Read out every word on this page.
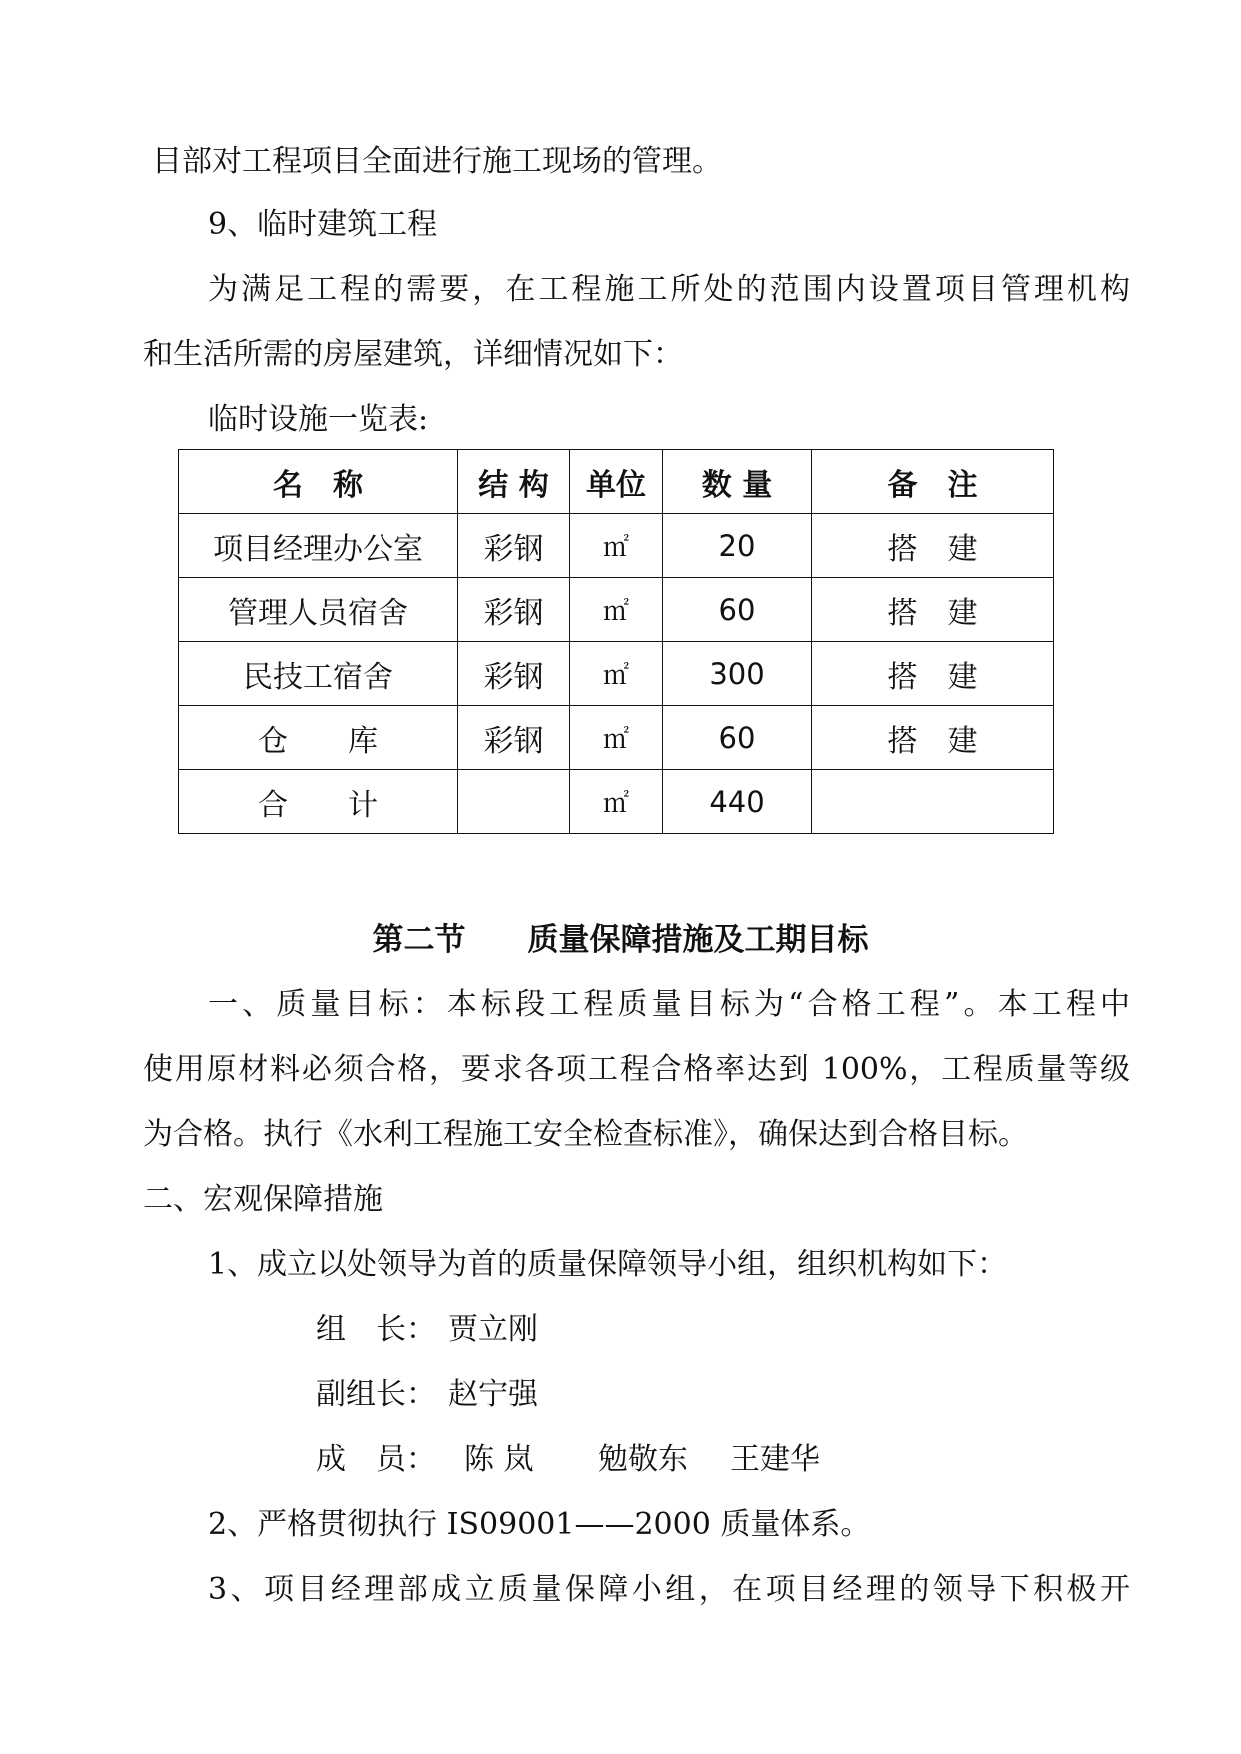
目部对工程项目全面进行施工现场的管理。
9、临时建筑工程
为满足工程的需要，在工程施工所处的范围内设置项目管理机构
和生活所需的房屋建筑，详细情况如下：
临时设施一览表:
名　称	结 构	单位	数 量	备　注
项目经理办公室	彩钢	㎡	20	搭　建
管理人员宿舍	彩钢	㎡	60	搭　建
民技工宿舍	彩钢	㎡	300	搭　建
仓　　库	彩钢	㎡	60	搭　建
合　　计		㎡	440	
第二节　　质量保障措施及工期目标
一、质量目标：本标段工程质量目标为“合格工程”。本工程中
使用原材料必须合格，要求各项工程合格率达到 100%，工程质量等级
为合格。执行《水利工程施工安全检查标准》，确保达到合格目标。
二、宏观保障措施
1、成立以处领导为首的质量保障领导小组，组织机构如下：
组　长： 贾立刚
副组长： 赵宁强
成　员： 陈 岚 勉敬东 王建华
2、严格贯彻执行 IS09001——2000 质量体系。
3、项目经理部成立质量保障小组，在项目经理的领导下积极开
